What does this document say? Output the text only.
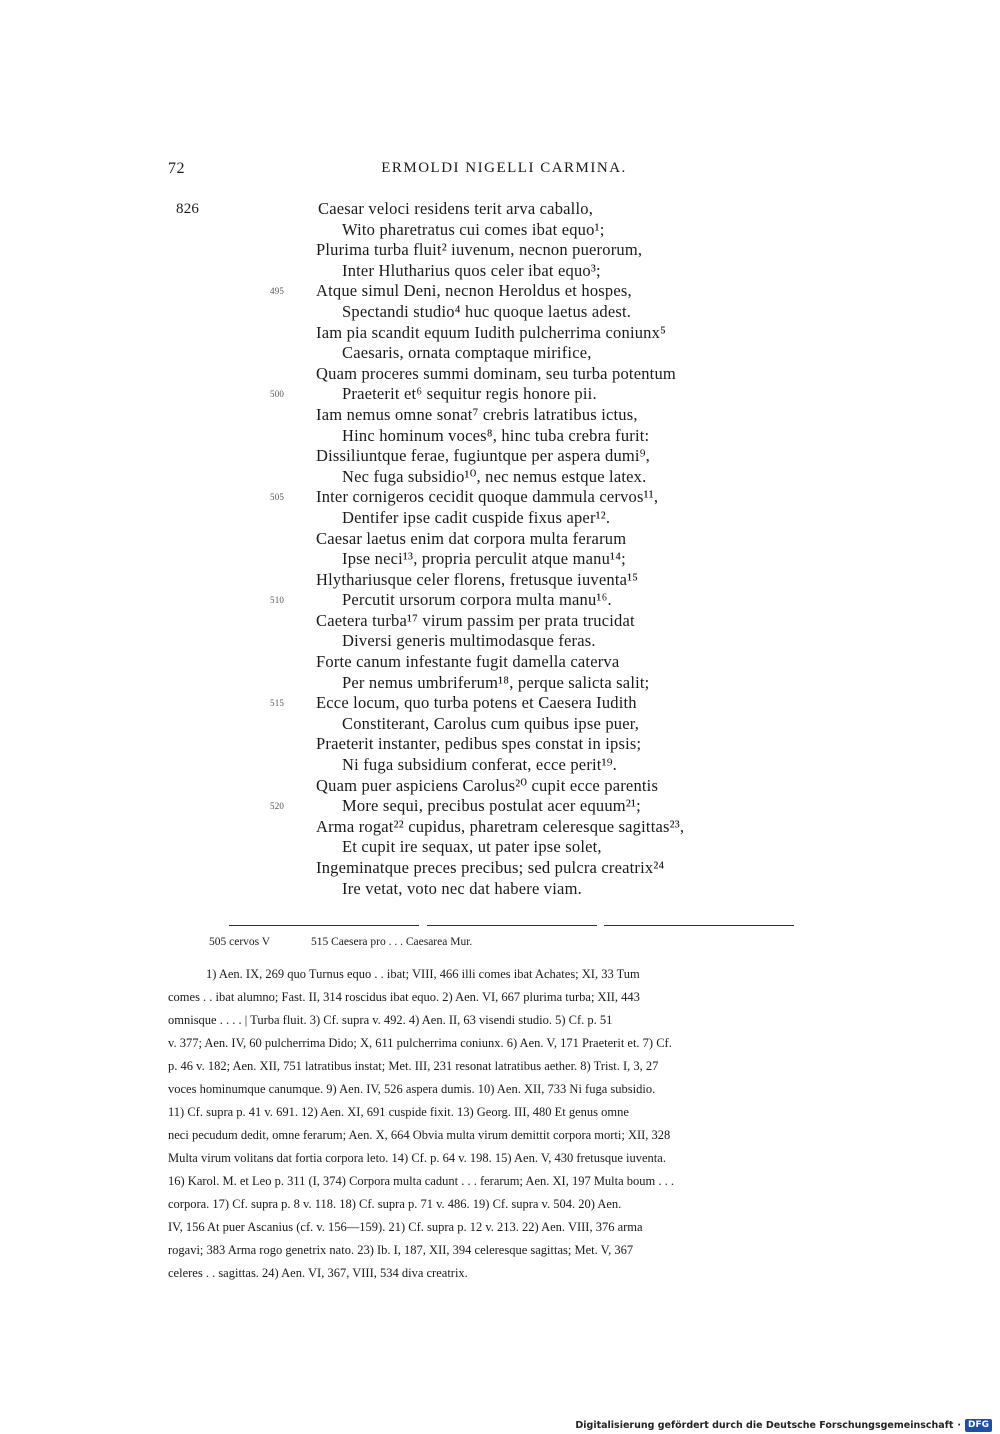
72	ERMOLDI NIGELLI CARMINA.
826	Caesar veloci residens terit arva caballo,
Wito pharetratus cui comes ibat equo¹;
Plurima turba fluit² iuvenum, necnon puerorum,
Inter Hlutharius quos celer ibat equo³;
495	Atque simul Deni, necnon Heroldus et hospes,
Spectandi studio⁴ huc quoque laetus adest.
Iam pia scandit equum Iudith pulcherrima coniunx⁵
Caesaris, ornata comptaque mirifice,
Quam proceres summi dominam, seu turba potentum
500	Praeterit et⁶ sequitur regis honore pii.
Iam nemus omne sonat⁷ crebris latratibus ictus,
Hinc hominum voces⁸, hinc tuba crebra furit:
Dissiliuntque ferae, fugiuntque per aspera dumi⁹,
Nec fuga subsidio¹⁰, nec nemus estque latex.
505	Inter cornigeros cecidit quoque dammula cervos¹¹,
Dentifer ipse cadit cuspide fixus aper¹².
Caesar laetus enim dat corpora multa ferarum
Ipse neci¹³, propria perculit atque manu¹⁴;
Hlythariusque celer florens, fretusque iuventa¹⁵
510	Percutit ursorum corpora multa manu¹⁶.
Caetera turba¹⁷ virum passim per prata trucidat
Diversi generis multimodasque feras.
Forte canum infestante fugit damella caterva
Per nemus umbriferum¹⁸, perque salicta salit;
515	Ecce locum, quo turba potens et Caesera Iudith
Constiterant, Carolus cum quibus ipse puer,
Praeterit instanter, pedibus spes constat in ipsis;
Ni fuga subsidium conferat, ecce perit¹⁹.
Quam puer aspiciens Carolus²⁰ cupit ecce parentis
520	More sequi, precibus postulat acer equum²¹;
Arma rogat²² cupidus, pharetram celeresque sagittas²³,
Et cupit ire sequax, ut pater ipse solet,
Ingeminatque preces precibus; sed pulcra creatrix²⁴
Ire vetat, voto nec dat habere viam.
505 cervos V	515 Caesera pro . . . Caesarea Mur.
1) Aen. IX, 269 quo Turnus equo . . ibat; VIII, 466 illi comes ibat Achates; XI, 33 Tum
comes . . ibat alumno; Fast. II, 314 roscidus ibat equo. 2) Aen. VI, 667 plurima turba; XII, 443
omnisque . . . . | Turba fluit. 3) Cf. supra v. 492. 4) Aen. II, 63 visendi studio. 5) Cf. p. 51
v. 377; Aen. IV, 60 pulcherrima Dido; X, 611 pulcherrima coniunx. 6) Aen. V, 171 Praeterit et. 7) Cf.
p. 46 v. 182; Aen. XII, 751 latratibus instat; Met. III, 231 resonat latratibus aether. 8) Trist. I, 3, 27
voces hominumque canumque. 9) Aen. IV, 526 aspera dumis. 10) Aen. XII, 733 Ni fuga subsidio.
11) Cf. supra p. 41 v. 691. 12) Aen. XI, 691 cuspide fixit. 13) Georg. III, 480 Et genus omne
neci pecudum dedit, omne ferarum; Aen. X, 664 Obvia multa virum demittit corpora morti; XII, 328
Multa virum volitans dat fortia corpora leto. 14) Cf. p. 64 v. 198. 15) Aen. V, 430 fretusque iuventa.
16) Karol. M. et Leo p. 311 (I, 374) Corpora multa cadunt . . . ferarum; Aen. XI, 197 Multa boum . . .
corpora. 17) Cf. supra p. 8 v. 118. 18) Cf. supra p. 71 v. 486. 19) Cf. supra v. 504. 20) Aen.
IV, 156 At puer Ascanius (cf. v. 156—159). 21) Cf. supra p. 12 v. 213. 22) Aen. VIII, 376 arma
rogavi; 383 Arma rogo genetrix nato. 23) Ib. I, 187, XII, 394 celeresque sagittas; Met. V, 367
celeres . . sagittas. 24) Aen. VI, 367, VIII, 534 diva creatrix.
Digitalisierung gefördert durch die Deutsche Forschungsgemeinschaft · DFG
